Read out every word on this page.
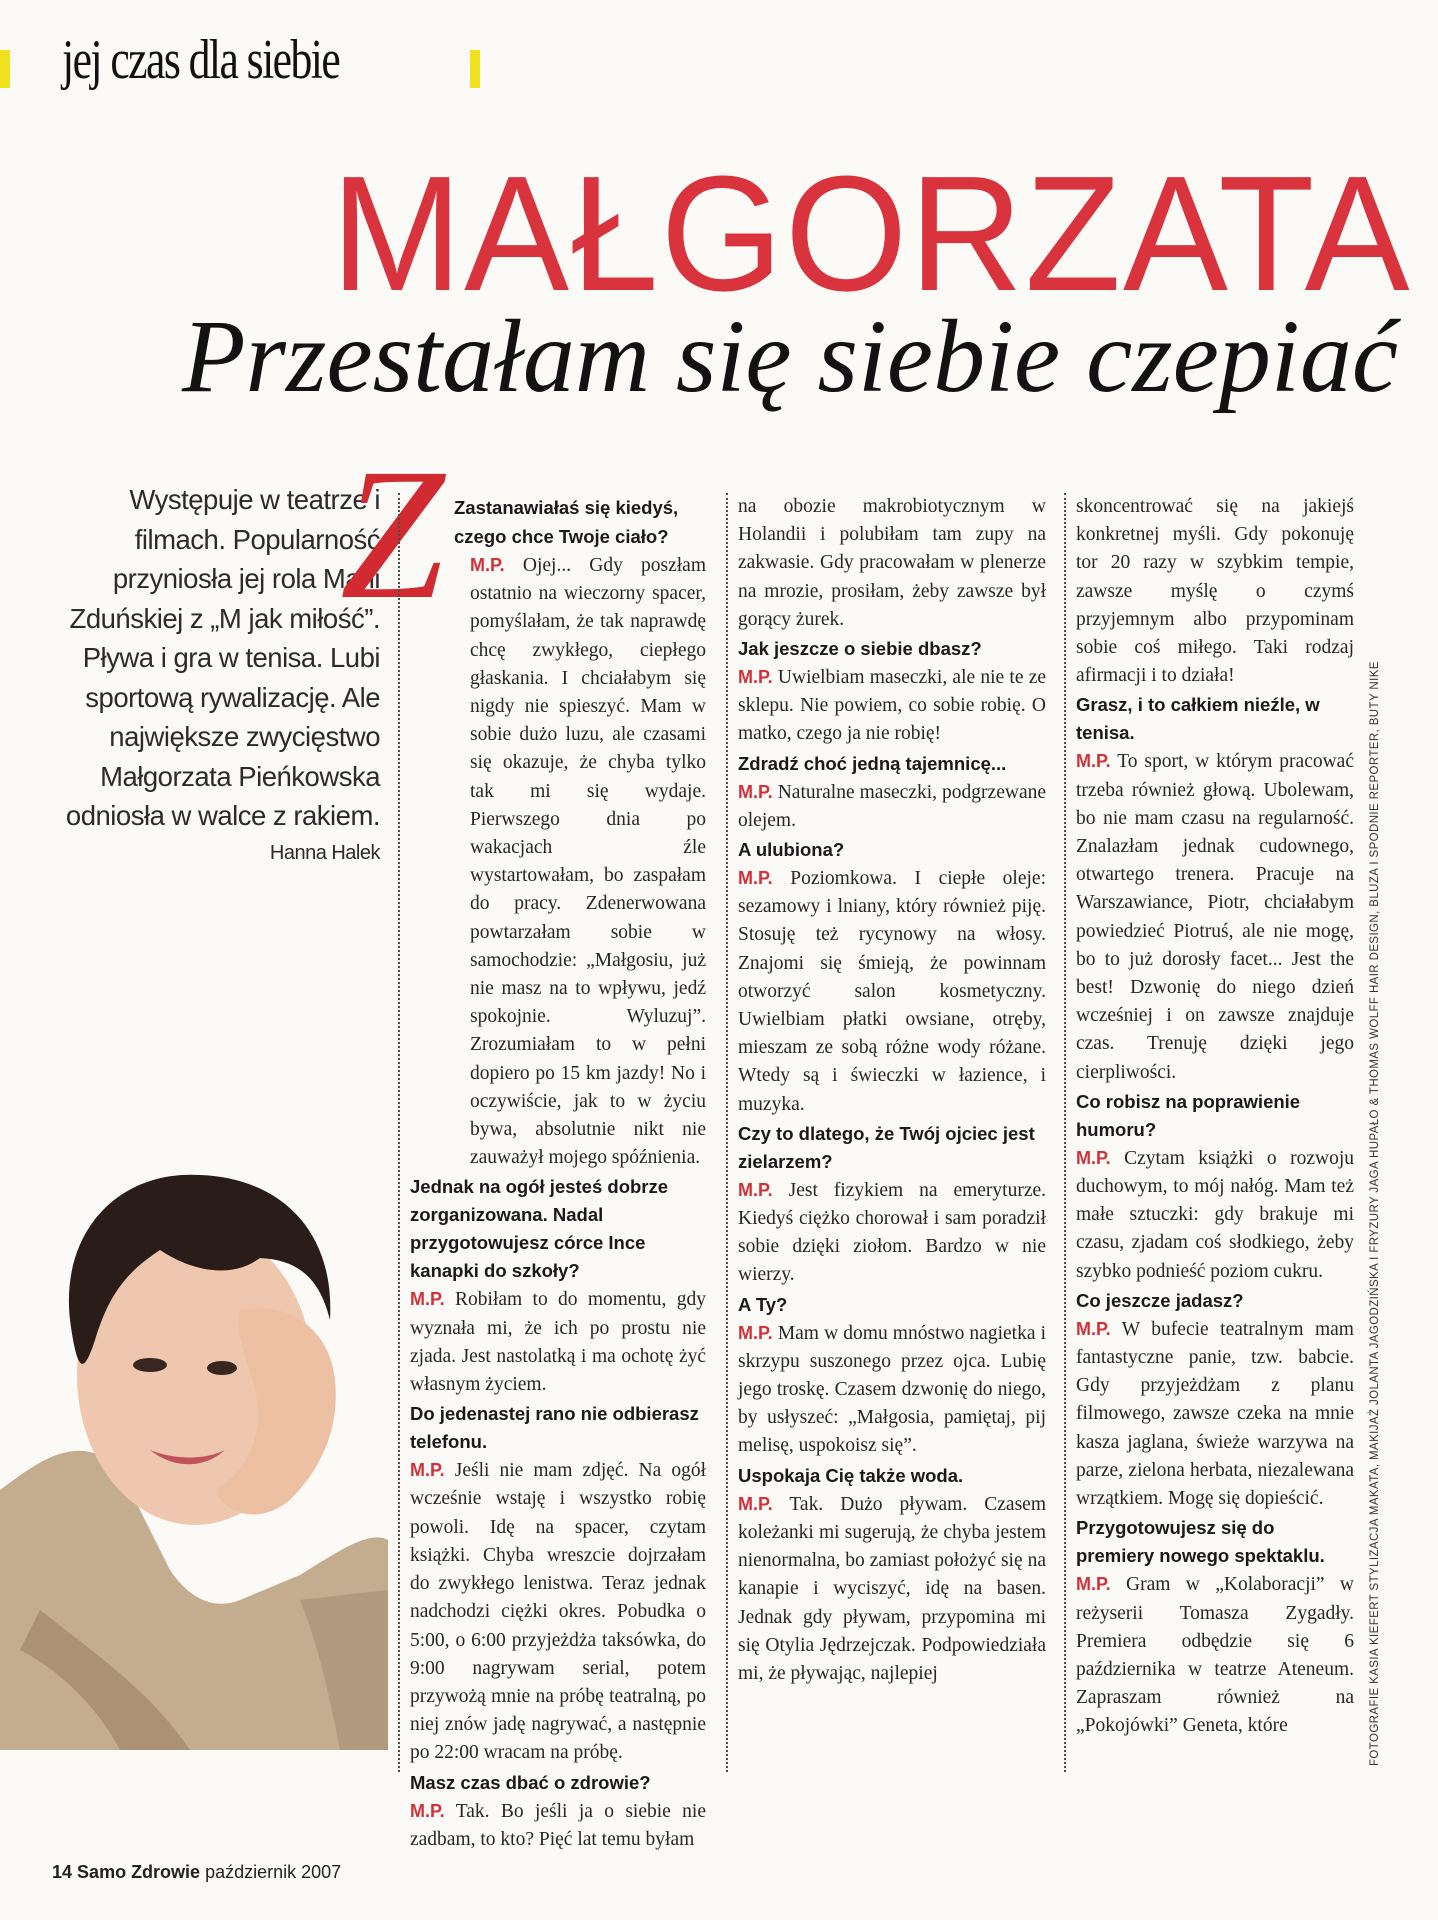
jej czas dla siebie
MAŁGORZATA
Przestałam się siebie czepiać
Występuje w teatrze i filmach. Popularność przyniosła jej rola Marii Zduńskiej z „M jak miłość”. Pływa i gra w tenisa. Lubi sportową rywalizację. Ale największe zwycięstwo Małgorzata Pieńkowska odniosła w walce z rakiem.
Hanna Halek
Z Zastanawiałaś się kiedyś,

czego chce Twoje ciało?

M.P. Ojej... Gdy poszłam ostatnio na wieczorny spacer, pomyślałam, że tak naprawdę chcę zwykłego, ciepłego głaskania. I chciałabym się nigdy nie spieszyć. Mam w sobie dużo luzu, ale czasami się okazuje, że chyba tylko tak mi się wydaje. Pierwszego dnia po wakacjach źle wystartowałam, bo zaspałam do pracy. Zdenerwowana powtarzałam sobie w samochodzie: „Małgosiu, już nie masz na to wpływu, jedź spokojnie. Wyluzuj”. Zrozumiałam to w pełni dopiero po 15 km jazdy! No i oczywiście, jak to w życiu bywa, absolutnie nikt nie zauważył mojego spóźnienia.

Jednak na ogół jesteś dobrze zorganizowana. Nadal przygotowujesz córce Ince kanapki do szkoły?

M.P. Robiłam to do momentu, gdy wyznała mi, że ich po prostu nie zjada. Jest nastolatką i ma ochotę żyć własnym życiem.

Do jedenastej rano nie odbierasz telefonu.

M.P. Jeśli nie mam zdjęć. Na ogół wcześnie wstaję i wszystko robię powoli. Idę na spacer, czytam książki. Chyba wreszcie dojrzałam do zwykłego lenistwa. Teraz jednak nadchodzi ciężki okres. Pobudka o 5:00, o 6:00 przyjeżdża taksówka, do 9:00 nagrywam serial, potem przywożą mnie na próbę teatralną, po niej znów jadę nagrywać, a następnie po 22:00 wracam na próbę.

Masz czas dbać o zdrowie?

M.P. Tak. Bo jeśli ja o siebie nie zadbam, to kto? Pięć lat temu byłam

na obozie makrobiotycznym w Holandii i polubiłam tam zupy na zakwasie. Gdy pracowałam w plenerze na mrozie, prosiłam, żeby zawsze był gorący żurek.

Jak jeszcze o siebie dbasz?

M.P. Uwielbiam maseczki, ale nie te ze sklepu. Nie powiem, co sobie robię. O matko, czego ja nie robię!

Zdradź choć jedną tajemnicę...

M.P. Naturalne maseczki, podgrzewane olejem.

A ulubiona?

M.P. Poziomkowa. I ciepłe oleje: sezamowy i lniany, który również piję. Stosuję też rycynowy na włosy. Znajomi się śmieją, że powinnam otworzyć salon kosmetyczny. Uwielbiam płatki owsiane, otręby, mieszam ze sobą różne wody różane. Wtedy są i świeczki w łazience, i muzyka.

Czy to dlatego, że Twój ojciec jest zielarzem?

M.P. Jest fizykiem na emeryturze. Kiedyś ciężko chorował i sam poradził sobie dzięki ziołom. Bardzo w nie wierzy.

A Ty?

M.P. Mam w domu mnóstwo nagietka i skrzypu suszonego przez ojca. Lubię jego troskę. Czasem dzwonię do niego, by usłyszeć: „Małgosia, pamiętaj, pij melisę, uspokoisz się”.

Uspokaja Cię także woda.

M.P. Tak. Dużo pływam. Czasem koleżanki mi sugerują, że chyba jestem nienormalna, bo zamiast położyć się na kanapie i wyciszyć, idę na basen. Jednak gdy pływam, przypomina mi się Otylia Jędrzejczak. Podpowiedziała mi, że pływając, najlepiej

skoncentrować się na jakiejś konkretnej myśli. Gdy pokonuję tor 20 razy w szybkim tempie, zawsze myślę o czymś przyjemnym albo przypominam sobie coś miłego. Taki rodzaj afirmacji i to działa!

Grasz, i to całkiem nieźle, w tenisa.

M.P. To sport, w którym pracować trzeba również głową. Ubolewam, bo nie mam czasu na regularność. Znalazłam jednak cudownego, otwartego trenera. Pracuje na Warszawiance, Piotr, chciałabym powiedzieć Piotruś, ale nie mogę, bo to już dorosły facet... Jest the best! Dzwonię do niego dzień wcześniej i on zawsze znajduje czas. Trenuję dzięki jego cierpliwości.

Co robisz na poprawienie humoru?

M.P. Czytam książki o rozwoju duchowym, to mój nałóg. Mam też małe sztuczki: gdy brakuje mi czasu, zjadam coś słodkiego, żeby szybko podnieść poziom cukru.

Co jeszcze jadasz?

M.P. W bufecie teatralnym mam fantastyczne panie, tzw. babcie. Gdy przyjeżdżam z planu filmowego, zawsze czeka na mnie kasza jaglana, świeże warzywa na parze, zielona herbata, niezalewana wrzątkiem. Mogę się dopieścić.

Przygotowujesz się do premiery nowego spektaklu.

M.P. Gram w „Kolaboracji” w reżyserii Tomasza Zygadły. Premiera odbędzie się 6 października w teatrze Ateneum. Zapraszam również na „Pokojówki” Geneta, które	FOTOGRAFIE KASIA KIEFERT STYLIZACJA MAKATA, MAKIJAŻ JOLANTA JAGODZIŃSKA I FRYZURY JAGA HUPAŁO & THOMAS WOLFF HAIR DESIGN, BLUZA I SPODNIE REPORTER, BUTY NIKE

14 Samo Zdrowie październik 2007
